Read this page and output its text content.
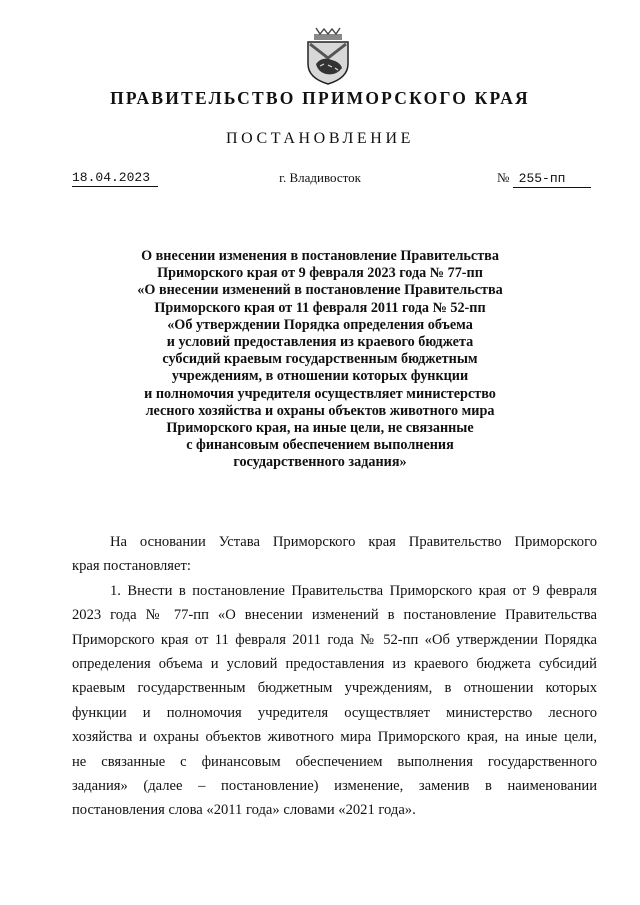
ПРАВИТЕЛЬСТВО ПРИМОРСКОГО КРАЯ
ПОСТАНОВЛЕНИЕ
18.04.2023	г. Владивосток	№ 255-пп
О внесении изменения в постановление Правительства
Приморского края от 9 февраля 2023 года № 77-пп
«О внесении изменений в постановление Правительства
Приморского края от 11 февраля 2011 года № 52-пп
«Об утверждении Порядка определения объема
и условий предоставления из краевого бюджета
субсидий краевым государственным бюджетным
учреждениям, в отношении которых функции
и полномочия учредителя осуществляет министерство
лесного хозяйства и охраны объектов животного мира
Приморского края, на иные цели, не связанные
с финансовым обеспечением выполнения
государственного задания»
На основании Устава Приморского края Правительство Приморского
края постановляет:
1. Внести в постановление Правительства Приморского края от 9 февраля
2023 года № 77-пп «О внесении изменений в постановление Правительства
Приморского края от 11 февраля 2011 года № 52-пп «Об утверждении Порядка
определения объема и условий предоставления из краевого бюджета субсидий
краевым государственным бюджетным учреждениям, в отношении которых
функции и полномочия учредителя осуществляет министерство лесного
хозяйства и охраны объектов животного мира Приморского края, на иные цели,
не связанные с финансовым обеспечением выполнения государственного
задания» (далее – постановление) изменение, заменив в наименовании
постановления слова «2011 года» словами «2021 года».
